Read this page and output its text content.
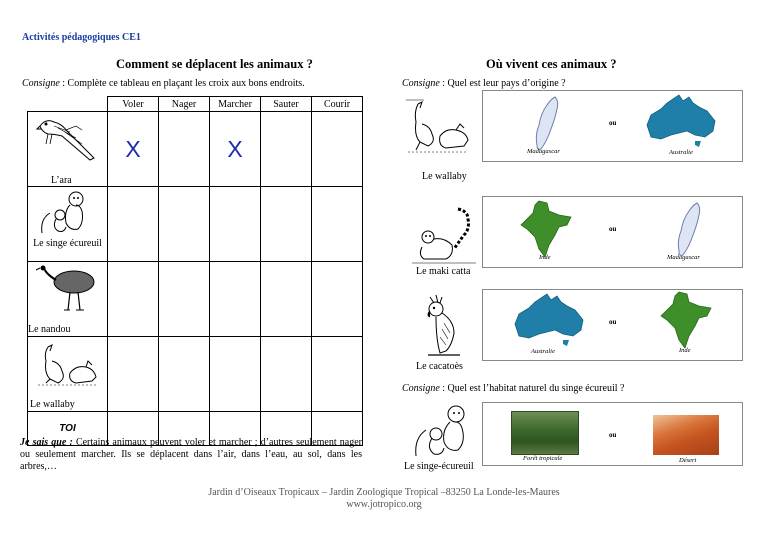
Activités pédagogiques CE1
Comment se déplacent les animaux ?
Consigne : Complète ce tableau en plaçant les croix aux bons endroits.
	Voler	Nager	Marcher	Sauter	Courir

L’ara	X		X		

Le singe écureuil					

Le nandou					

Le wallaby					

TOI					
Je sais que : Certains animaux peuvent voler et marcher ; d’autres seulement nager ou seulement marcher. Ils se déplacent dans l’air, dans l’eau, au sol, dans les arbres,…
Où vivent ces animaux ?
Consigne : Quel est leur pays d’origine ?
Le wallaby
Madagascar
ou
Australie
Le maki catta
Inde
ou
Madagascar
Le cacatoès
Australie
ou
Inde
Consigne : Quel est l’habitat naturel du singe écureuil ?
Le singe-écureuil
Forêt tropicale
ou
Désert
Jardin d’Oiseaux Tropicaux – Jardin Zoologique Tropical –83250 La Londe-les-Maures
www.jotropico.org
